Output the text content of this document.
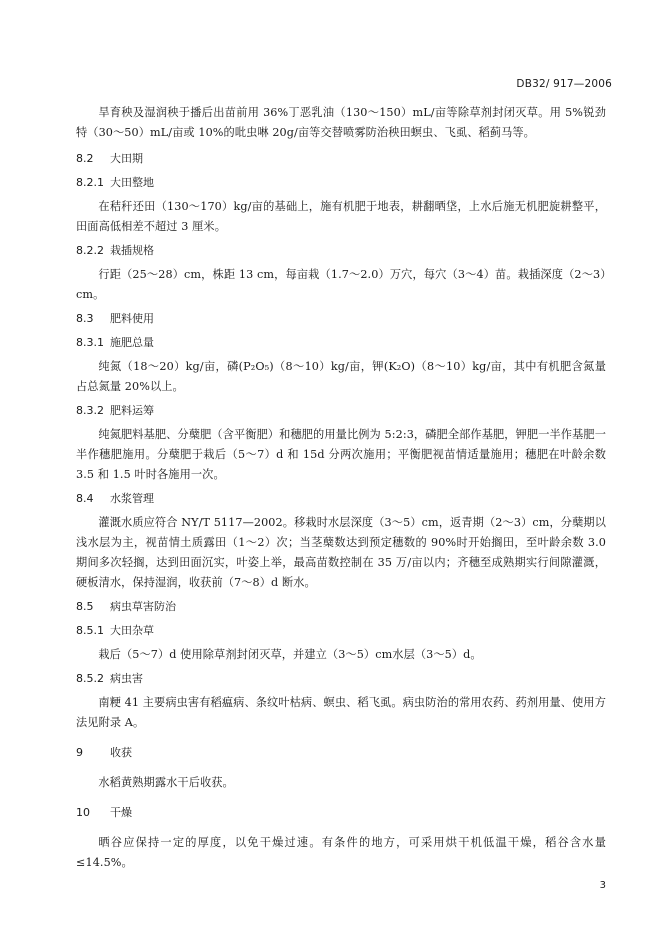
DB32/ 917—2006

旱育秧及湿润秧于播后出苗前用 36%丁恶乳油（130～150）mL/亩等除草剂封闭灭草。用 5%锐劲特（30～50）mL/亩或 10%的吡虫啉 20g/亩等交替喷雾防治秧田螟虫、飞虱、稻蓟马等。

8.2 大田期
8.2.1 大田整地

在秸秆还田（130～170）kg/亩的基础上，施有机肥于地表，耕翻晒垡，上水后施无机肥旋耕整平，田面高低相差不超过 3 厘米。

8.2.2 栽插规格

行距（25～28）cm，株距 13 cm，每亩栽（1.7～2.0）万穴，每穴（3～4）苗。栽插深度（2～3）cm。

8.3 肥料使用
8.3.1 施肥总量

纯氮（18～20）kg/亩，磷(P₂O₅)（8～10）kg/亩，钾(K₂O)（8～10）kg/亩，其中有机肥含氮量占总氮量 20%以上。

8.3.2 肥料运筹

纯氮肥料基肥、分蘖肥（含平衡肥）和穗肥的用量比例为 5:2:3，磷肥全部作基肥，钾肥一半作基肥一半作穗肥施用。分蘖肥于栽后（5～7）d 和 15d 分两次施用；平衡肥视苗情适量施用；穗肥在叶龄余数 3.5 和 1.5 叶时各施用一次。

8.4 水浆管理

灌溉水质应符合 NY/T 5117—2002。移栽时水层深度（3～5）cm，返青期（2～3）cm，分蘖期以浅水层为主，视苗情土质露田（1～2）次；当茎蘖数达到预定穗数的 90%时开始搁田，至叶龄余数 3.0 期间多次轻搁，达到田面沉实，叶姿上举，最高苗数控制在 35 万/亩以内；齐穗至成熟期实行间隙灌溉，硬板清水，保持湿润，收获前（7～8）d 断水。

8.5 病虫草害防治
8.5.1 大田杂草

栽后（5～7）d 使用除草剂封闭灭草，并建立（3～5）cm水层（3～5）d。

8.5.2 病虫害

南粳 41 主要病虫害有稻瘟病、条纹叶枯病、螟虫、稻飞虱。病虫防治的常用农药、药剂用量、使用方法见附录 A。

9 收获

水稻黄熟期露水干后收获。

10 干燥

晒谷应保持一定的厚度，以免干燥过速。有条件的地方，可采用烘干机低温干燥，稻谷含水量≤14.5%。

3
